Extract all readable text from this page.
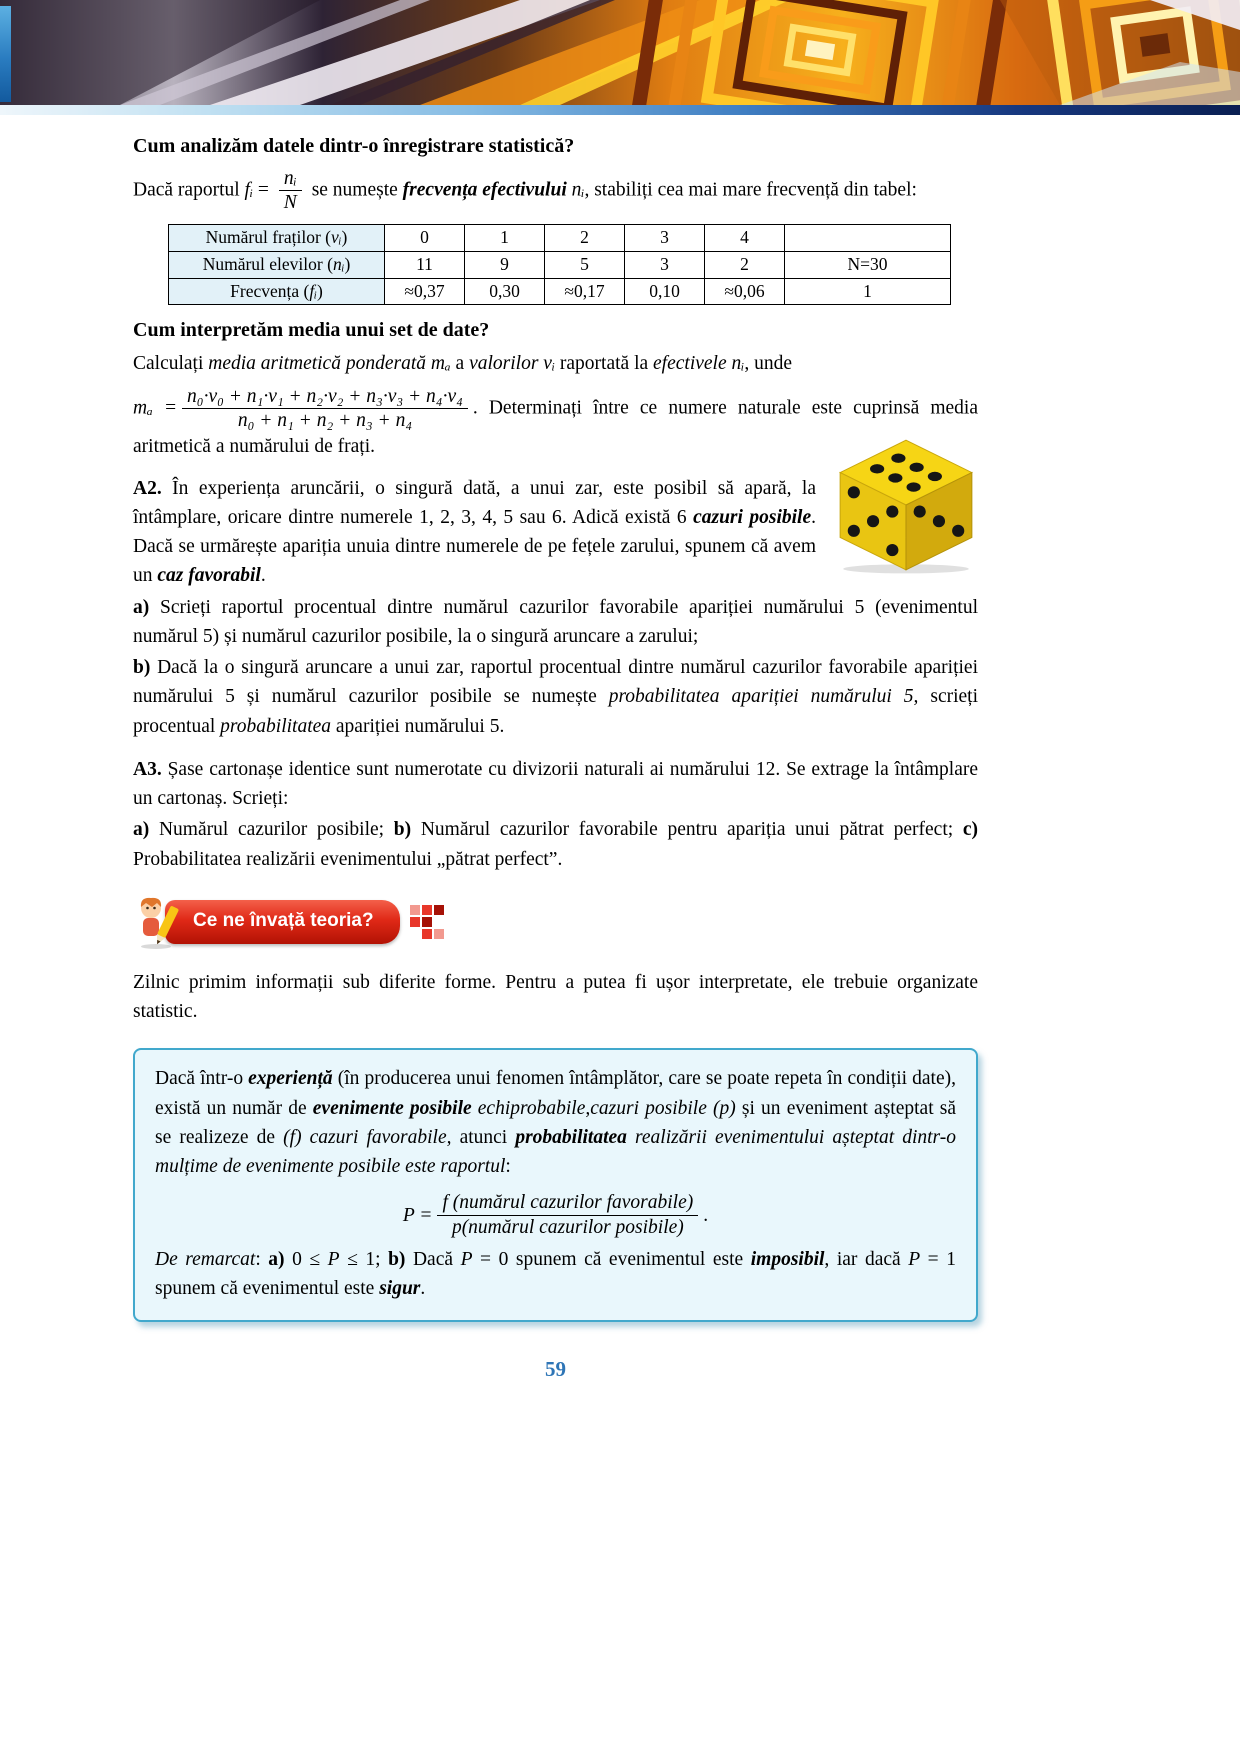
Cum analizăm datele dintr-o înregistrare statistică?

Dacă raportul fᵢ = $\frac{\text{nᵢ}}{N}$ se numește frecvența efectivului nᵢ, stabiliți cea mai mare frecvență din tabel:

Numărul fraților (vᵢ)	0	1	2	3	4	
Numărul elevilor (nᵢ)	11	9	5	3	2	N=30
Frecvența (fᵢ)	≈0,37	0,30	≈0,17	0,10	≈0,06	1
Cum interpretăm media unui set de date?

Calculați media aritmetică ponderată mₐ a valorilor vᵢ raportată la efectivele nᵢ, unde

$m_a = \frac{\text{n₀·v₀ + n₁·v₁ + n₂·v₂ + n₃·v₃ + n₄·v₄}}{\text{n₀ + n₁ + n₂ + n₃ + n₄}}$ . Determinați între ce numere naturale este cuprinsă media aritmetică a numărului de frați.

A2. În experiența aruncării, o singură dată, a unui zar, este posibil să apară, la întâmplare, oricare dintre numerele 1, 2, 3, 4, 5 sau 6. Adică există 6 cazuri posibile. Dacă se urmărește apariția unuia dintre numerele de pe fețele zarului, spunem că avem un caz favorabil.

a) Scrieți raportul procentual dintre numărul cazurilor favorabile apariției numărului 5 (evenimentul numărul 5) și numărul cazurilor posibile, la o singură aruncare a zarului;

b) Dacă la o singură aruncare a unui zar, raportul procentual dintre numărul cazurilor favorabile apariției numărului 5 și numărul cazurilor posibile se numește probabilitatea apariției numărului 5, scrieți procentual probabilitatea apariției numărului 5.

A3. Șase cartonașe identice sunt numerotate cu divizorii naturali ai numărului 12. Se extrage la întâmplare un cartonaș. Scrieți:

a) Numărul cazurilor posibile; b) Numărul cazurilor favorabile pentru apariția unui pătrat perfect; c) Probabilitatea realizării evenimentului „pătrat perfect”.

Ce ne învață teoria?

Zilnic primim informații sub diferite forme. Pentru a putea fi ușor interpretate, ele trebuie organizate statistic.

Dacă într-o experiență (în producerea unui fenomen întâmplător, care se poate repeta în condiții date), există un număr de evenimente posibile echiprobabile,cazuri posibile (p) și un eveniment așteptat să se realizeze de (f) cazuri favorabile, atunci probabilitatea realizării evenimentului așteptat dintr-o mulțime de evenimente posibile este raportul:

$P = \frac{\text{f (numărul cazurilor favorabile)}}{\text{p(numărul cazurilor posibile)}}$ .

De remarcat: a) 0 ≤ P ≤ 1; b) Dacă P = 0 spunem că evenimentul este imposibil, iar dacă P = 1 spunem că evenimentul este sigur.

59
